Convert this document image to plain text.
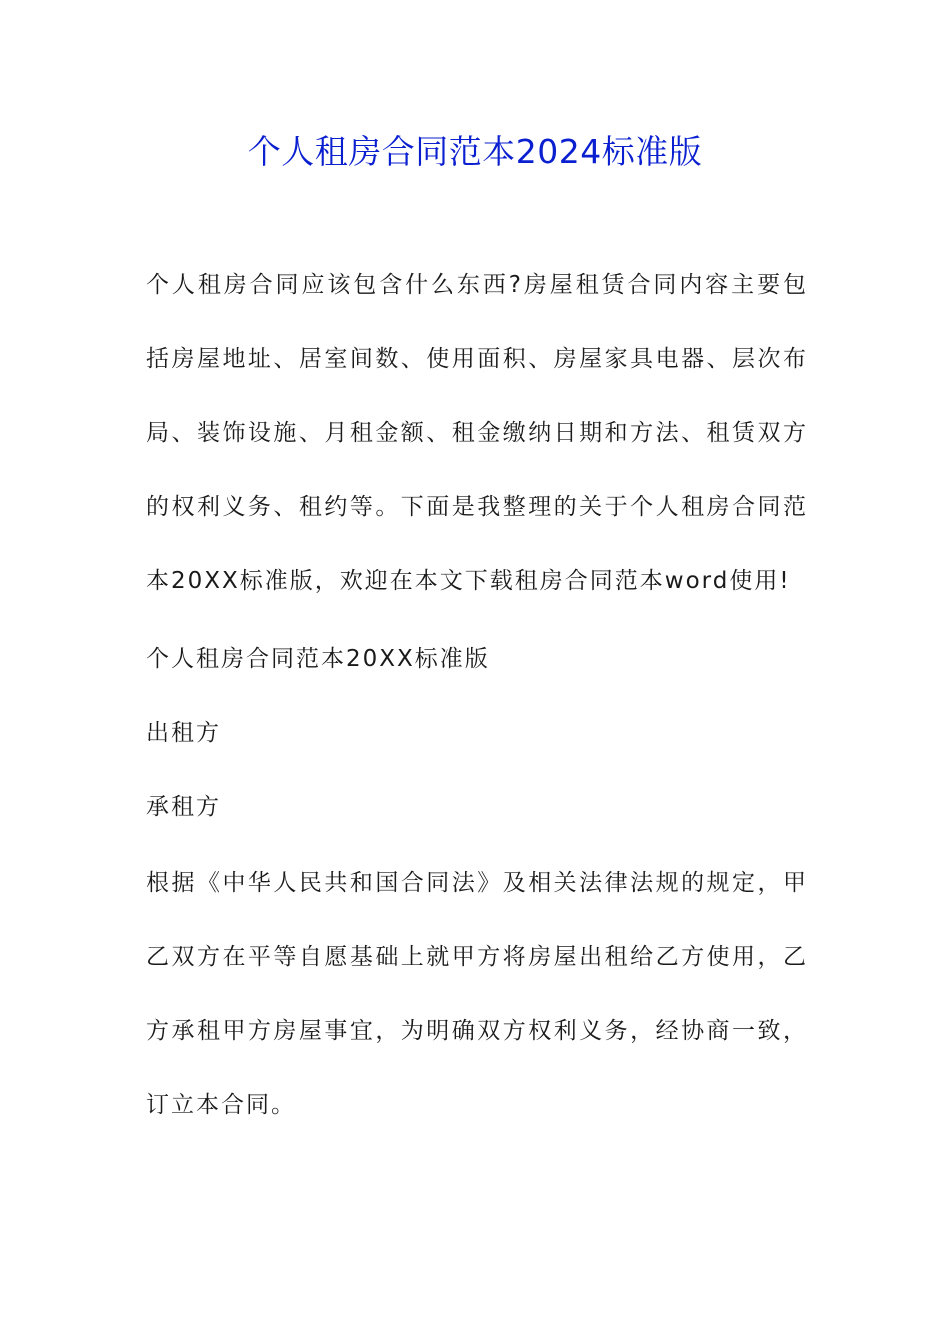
个人租房合同范本2024标准版
个人租房合同应该包含什么东西?房屋租赁合同内容主要包括房屋地址、居室间数、使用面积、房屋家具电器、层次布局、装饰设施、月租金额、租金缴纳日期和方法、租赁双方的权利义务、租约等。下面是我整理的关于个人租房合同范本20XX标准版，欢迎在本文下载租房合同范本word使用!
个人租房合同范本20XX标准版
出租方
承租方
根据《中华人民共和国合同法》及相关法律法规的规定，甲乙双方在平等自愿基础上就甲方将房屋出租给乙方使用，乙方承租甲方房屋事宜，为明确双方权利义务，经协商一致，订立本合同。
